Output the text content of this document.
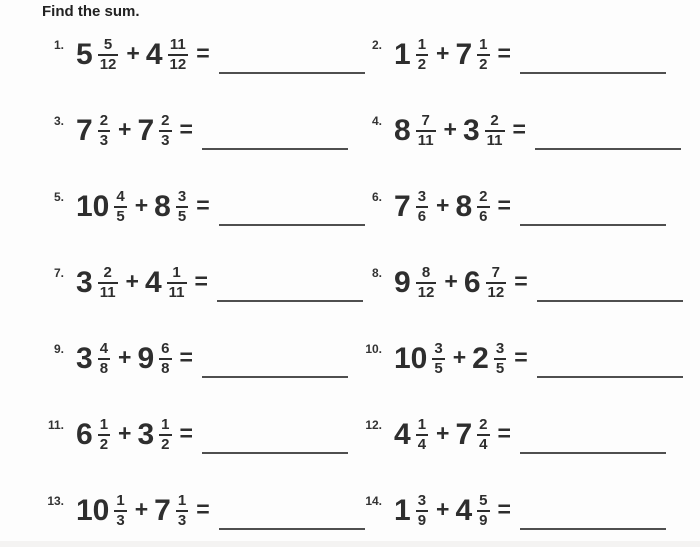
Find the sum.
1. $5 \frac{5}{12} + 4 \frac{11}{12}$ =	2. $1 \frac{1}{2} + 7 \frac{1}{2}$ =
3. $7 \frac{2}{3} + 7 \frac{2}{3}$ =	4. $8 \frac{7}{11} + 3 \frac{2}{11}$ =
5. $10 \frac{4}{5} + 8 \frac{3}{5}$ =	6. $7 \frac{3}{6} + 8 \frac{2}{6}$ =
7. $3 \frac{2}{11} + 4 \frac{1}{11}$ =	8. $9 \frac{8}{12} + 6 \frac{7}{12}$ =
9. $3 \frac{4}{8} + 9 \frac{6}{8}$ =	10. $10 \frac{3}{5} + 2 \frac{3}{5}$ =
11. $6 \frac{1}{2} + 3 \frac{1}{2}$ =	12. $4 \frac{1}{4} + 7 \frac{2}{4}$ =
13. $10 \frac{1}{3} + 7 \frac{1}{3}$ =	14. $1 \frac{3}{9} + 4 \frac{5}{9}$ =
